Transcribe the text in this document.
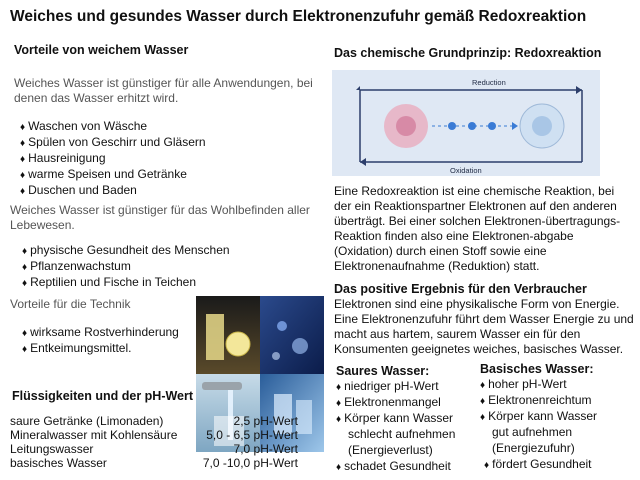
Weiches und gesundes Wasser durch Elektronenzufuhr gemäß Redoxreaktion
Vorteile von weichem Wasser
Weiches Wasser ist günstiger für alle Anwendungen, bei denen das Wasser erhitzt wird.
♦ Waschen von Wäsche
♦ Spülen von Geschirr und Gläsern
♦ Hausreinigung
♦ warme Speisen und Getränke
♦ Duschen und Baden
Weiches Wasser ist günstiger für das Wohlbefinden aller Lebewesen.
♦ physische Gesundheit des Menschen
♦ Pflanzenwachstum
♦ Reptilien und Fische in Teichen
Vorteile für die Technik
♦ wirksame Rostverhinderung
♦ Entkeimungsmittel.
Flüssigkeiten und der pH-Wert
saure Getränke (Limonaden)	2,5 pH-Wert
Mineralwasser mit Kohlensäure	5,0 - 6,5 pH-Wert
Leitungswasser	7,0 pH-Wert
basisches Wasser	7,0 -10,0 pH-Wert
Das chemische Grundprinzip: Redoxreaktion
Reduction
Oxidation
Eine Redoxreaktion ist eine chemische Reaktion, bei der ein Reaktionspartner Elektronen auf den anderen überträgt. Bei einer solchen Elektronen-übertragungs-Reaktion finden also eine Elektronen-abgabe (Oxidation) durch einen Stoff sowie eine Elektronenaufnahme (Reduktion) statt.
Das positive Ergebnis für den Verbraucher
Elektronen sind eine physikalische Form von Energie. Eine Elektronenzufuhr führt dem Wasser Energie zu und macht aus hartem, saurem Wasser ein für den Konsumenten geeignetes weiches, basisches Wasser.
Saures Wasser:
♦ niedriger pH-Wert
♦ Elektronenmangel
♦ Körper kann Wasser
schlecht aufnehmen
(Energieverlust)
♦ schadet Gesundheit
Basisches Wasser:
♦ hoher pH-Wert
♦ Elektronenreichtum
♦ Körper kann Wasser
gut aufnehmen
(Energiezufuhr)
♦ fördert Gesundheit
